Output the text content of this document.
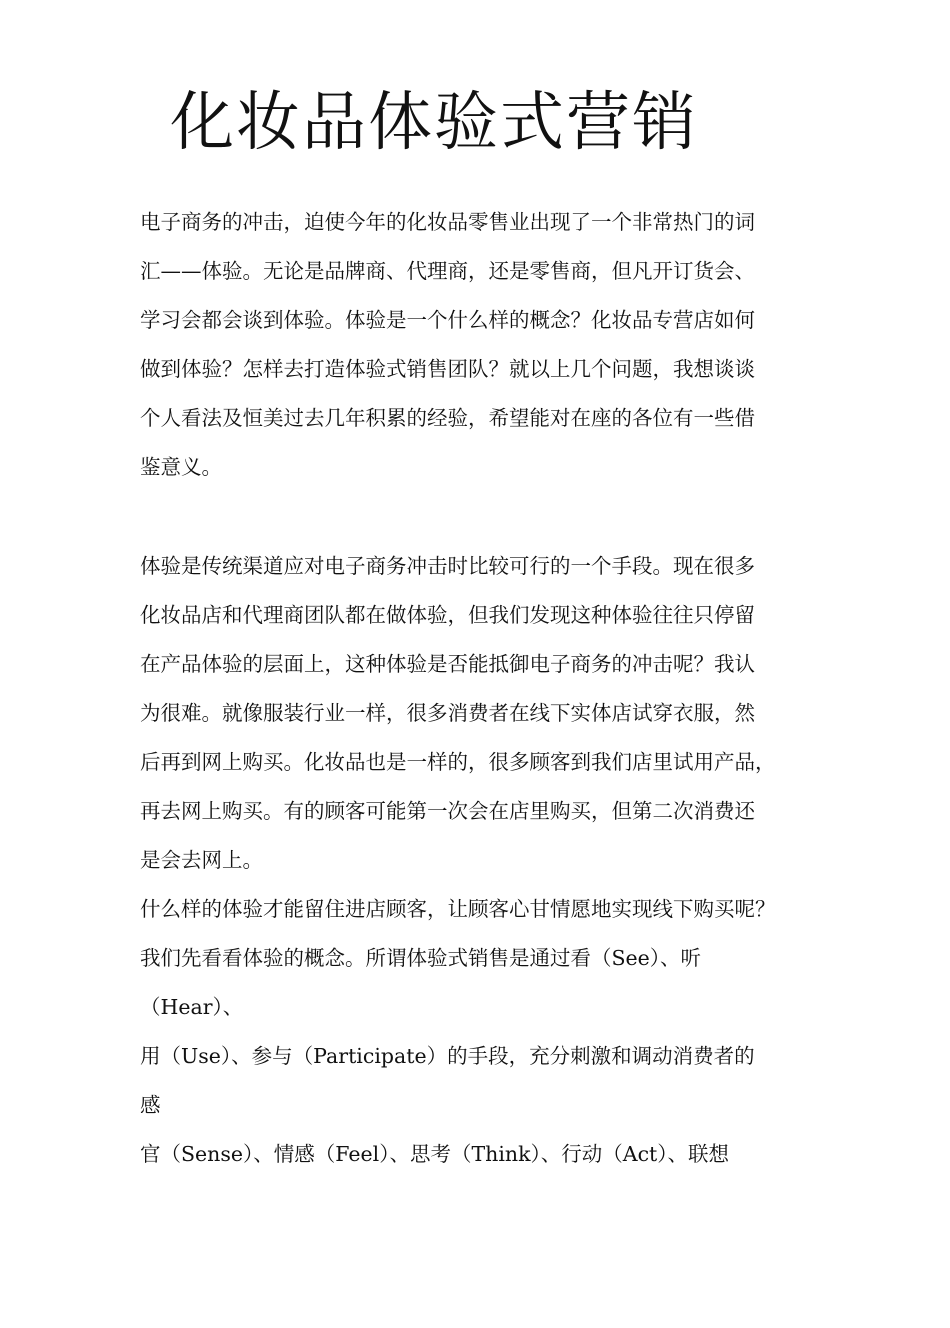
化妆品体验式营销

电子商务的冲击，迫使今年的化妆品零售业出现了一个非常热门的词

汇——体验。无论是品牌商、代理商，还是零售商，但凡开订货会、

学习会都会谈到体验。体验是一个什么样的概念？化妆品专营店如何

做到体验？怎样去打造体验式销售团队？就以上几个问题，我想谈谈

个人看法及恒美过去几年积累的经验，希望能对在座的各位有一些借

鉴意义。

体验是传统渠道应对电子商务冲击时比较可行的一个手段。现在很多

化妆品店和代理商团队都在做体验，但我们发现这种体验往往只停留

在产品体验的层面上，这种体验是否能抵御电子商务的冲击呢？我认

为很难。就像服装行业一样，很多消费者在线下实体店试穿衣服，然

后再到网上购买。化妆品也是一样的，很多顾客到我们店里试用产品，

再去网上购买。有的顾客可能第一次会在店里购买，但第二次消费还

是会去网上。

什么样的体验才能留住进店顾客，让顾客心甘情愿地实现线下购买呢？

我们先看看体验的概念。所谓体验式销售是通过看（See）、听

（Hear）、

用（Use）、参与（Participate）的手段，充分刺激和调动消费者的

感

官（Sense）、情感（Feel）、思考（Think）、行动（Act）、联想
